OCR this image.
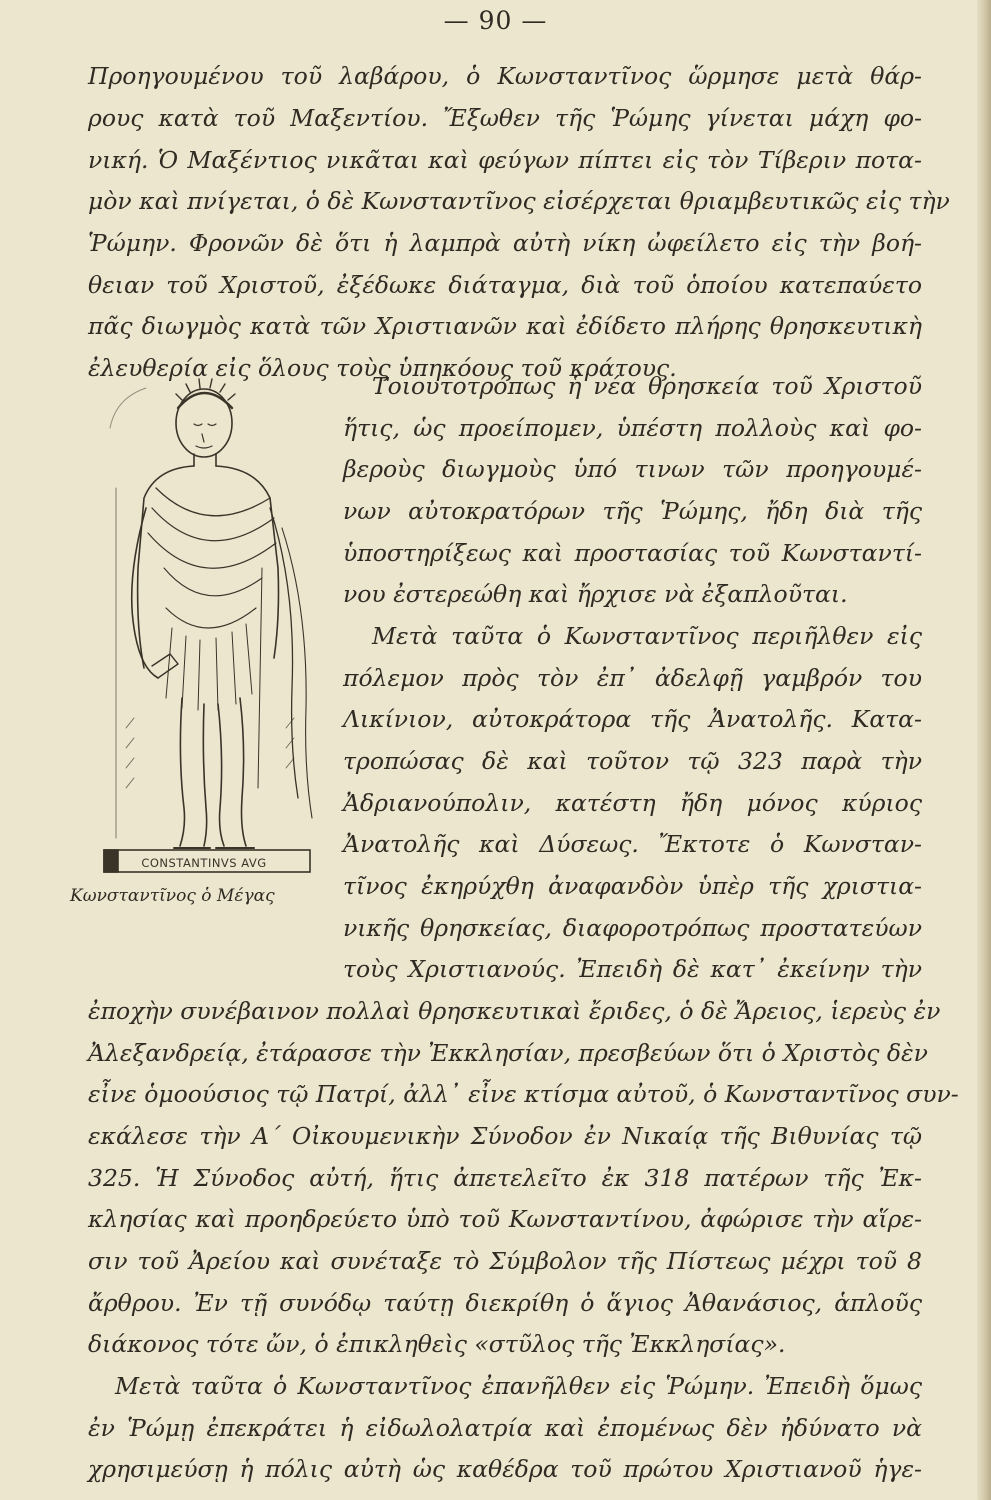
— 90 —
Προηγουμένου τοῦ λαβάρου, ὁ Κωνσταντῖνος ὥρμησε μετὰ θάρ-
ρους κατὰ τοῦ Μαξεντίου. Ἔξωθεν τῆς Ῥώμης γίνεται μάχη φο-
νική. Ὁ Μαξέντιος νικᾶται καὶ φεύγων πίπτει εἰς τὸν Τίβεριν ποτα-
μὸν καὶ πνίγεται, ὁ δὲ Κωνσταντῖνος εἰσέρχεται θριαμβευτικῶς εἰς τὴν
Ῥώμην. Φρονῶν δὲ ὅτι ἡ λαμπρὰ αὐτὴ νίκη ὠφείλετο εἰς τὴν βοή-
θειαν τοῦ Χριστοῦ, ἐξέδωκε διάταγμα, διὰ τοῦ ὁποίου κατεπαύετο
πᾶς διωγμὸς κατὰ τῶν Χριστιανῶν καὶ ἐδίδετο πλήρης θρησκευτικὴ
ἐλευθερία εἰς ὅλους τοὺς ὑπηκόους τοῦ κράτους.
CONSTANTINVS AVG
Κωνσταντῖνος ὁ Μέγας
Τοιουτοτρόπως ἡ νέα θρησκεία τοῦ Χριστοῦ
ἥτις, ὡς προείπομεν, ὑπέστη πολλοὺς καὶ φο-
βεροὺς διωγμοὺς ὑπό τινων τῶν προηγουμέ-
νων αὐτοκρατόρων τῆς Ῥώμης, ἤδη διὰ τῆς
ὑποστηρίξεως καὶ προστασίας τοῦ Κωνσταντί-
νου ἐστερεώθη καὶ ἤρχισε νὰ ἐξαπλοῦται.
Μετὰ ταῦτα ὁ Κωνσταντῖνος περιῆλθεν εἰς
πόλεμον πρὸς τὸν ἐπ᾿ ἀδελφῇ γαμβρόν του
Λικίνιον, αὐτοκράτορα τῆς Ἀνατολῆς. Κατα-
τροπώσας δὲ καὶ τοῦτον τῷ 323 παρὰ τὴν
Ἀδριανούπολιν, κατέστη ἤδη μόνος κύριος
Ἀνατολῆς καὶ Δύσεως. Ἔκτοτε ὁ Κωνσταν-
τῖνος ἐκηρύχθη ἀναφανδὸν ὑπὲρ τῆς χριστια-
νικῆς θρησκείας, διαφοροτρόπως προστατεύων
τοὺς Χριστιανούς. Ἐπειδὴ δὲ κατ᾿ ἐκείνην τὴν
ἐποχὴν συνέβαινον πολλαὶ θρησκευτικαὶ ἔριδες, ὁ δὲ Ἄρειος, ἱερεὺς ἐν
Ἀλεξανδρείᾳ, ἐτάρασσε τὴν Ἐκκλησίαν, πρεσβεύων ὅτι ὁ Χριστὸς δὲν
εἶνε ὁμοούσιος τῷ Πατρί, ἀλλ᾿ εἶνε κτίσμα αὐτοῦ, ὁ Κωνσταντῖνος συν-
εκάλεσε τὴν Α΄ Οἰκουμενικὴν Σύνοδον ἐν Νικαίᾳ τῆς Βιθυνίας τῷ
325. Ἡ Σύνοδος αὐτή, ἥτις ἀπετελεῖτο ἐκ 318 πατέρων τῆς Ἐκ-
κλησίας καὶ προηδρεύετο ὑπὸ τοῦ Κωνσταντίνου, ἀφώρισε τὴν αἵρε-
σιν τοῦ Ἀρείου καὶ συνέταξε τὸ Σύμβολον τῆς Πίστεως μέχρι τοῦ 8
ἄρθρου. Ἐν τῇ συνόδῳ ταύτῃ διεκρίθη ὁ ἅγιος Ἀθανάσιος, ἁπλοῦς
διάκονος τότε ὤν, ὁ ἐπικληθεὶς «στῦλος τῆς Ἐκκλησίας».
Μετὰ ταῦτα ὁ Κωνσταντῖνος ἐπανῆλθεν εἰς Ῥώμην. Ἐπειδὴ ὅμως
ἐν Ῥώμῃ ἐπεκράτει ἡ εἰδωλολατρία καὶ ἐπομένως δὲν ἠδύνατο νὰ
χρησιμεύσῃ ἡ πόλις αὐτὴ ὡς καθέδρα τοῦ πρώτου Χριστιανοῦ ἡγε-
